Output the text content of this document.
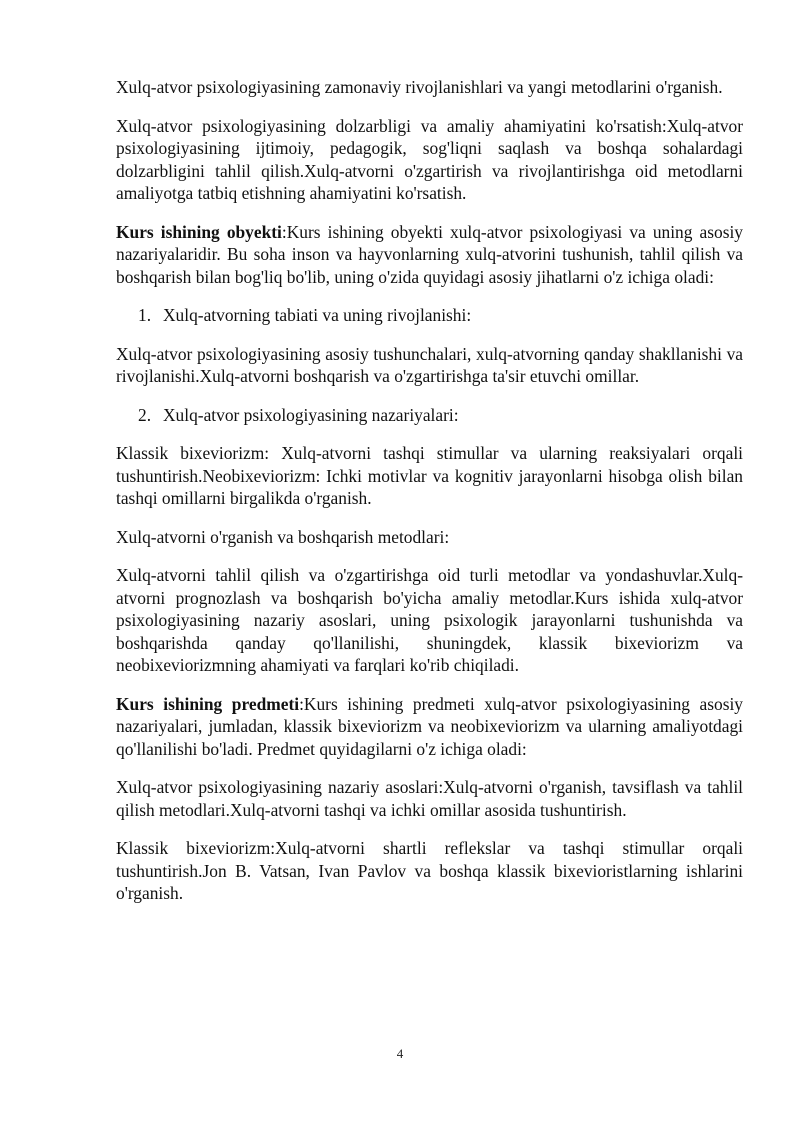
Xulq-atvor psixologiyasining zamonaviy rivojlanishlari va yangi metodlarini o'rganish.

Xulq-atvor psixologiyasining dolzarbligi va amaliy ahamiyatini ko'rsatish:Xulq-atvor psixologiyasining ijtimoiy, pedagogik, sog'liqni saqlash va boshqa sohalardagi dolzarbligini tahlil qilish.Xulq-atvorni o'zgartirish va rivojlantirishga oid metodlarni amaliyotga tatbiq etishning ahamiyatini ko'rsatish.

Kurs ishining obyekti:Kurs ishining obyekti xulq-atvor psixologiyasi va uning asosiy nazariyalaridir. Bu soha inson va hayvonlarning xulq-atvorini tushunish, tahlil qilish va boshqarish bilan bog'liq bo'lib, uning o'zida quyidagi asosiy jihatlarni o'z ichiga oladi:

1. Xulq-atvorning tabiati va uning rivojlanishi:

Xulq-atvor psixologiyasining asosiy tushunchalari, xulq-atvorning qanday shakllanishi va rivojlanishi.Xulq-atvorni boshqarish va o'zgartirishga ta'sir etuvchi omillar.

2. Xulq-atvor psixologiyasining nazariyalari:

Klassik bixeviorizm: Xulq-atvorni tashqi stimullar va ularning reaksiyalari orqali tushuntirish.Neobixeviorizm: Ichki motivlar va kognitiv jarayonlarni hisobga olish bilan tashqi omillarni birgalikda o'rganish.

Xulq-atvorni o'rganish va boshqarish metodlari:

Xulq-atvorni tahlil qilish va o'zgartirishga oid turli metodlar va yondashuvlar.Xulq-atvorni prognozlash va boshqarish bo'yicha amaliy metodlar.Kurs ishida xulq-atvor psixologiyasining nazariy asoslari, uning psixologik jarayonlarni tushunishda va boshqarishda qanday qo'llanilishi, shuningdek, klassik bixeviorizm va neobixeviorizmning ahamiyati va farqlari ko'rib chiqiladi.

Kurs ishining predmeti:Kurs ishining predmeti xulq-atvor psixologiyasining asosiy nazariyalari, jumladan, klassik bixeviorizm va neobixeviorizm va ularning amaliyotdagi qo'llanilishi bo'ladi. Predmet quyidagilarni o'z ichiga oladi:

Xulq-atvor psixologiyasining nazariy asoslari:Xulq-atvorni o'rganish, tavsiflash va tahlil qilish metodlari.Xulq-atvorni tashqi va ichki omillar asosida tushuntirish.

Klassik bixeviorizm:Xulq-atvorni shartli reflekslar va tashqi stimullar orqali tushuntirish.Jon B. Vatsan, Ivan Pavlov va boshqa klassik bixevioristlarning ishlarini o'rganish.

4
